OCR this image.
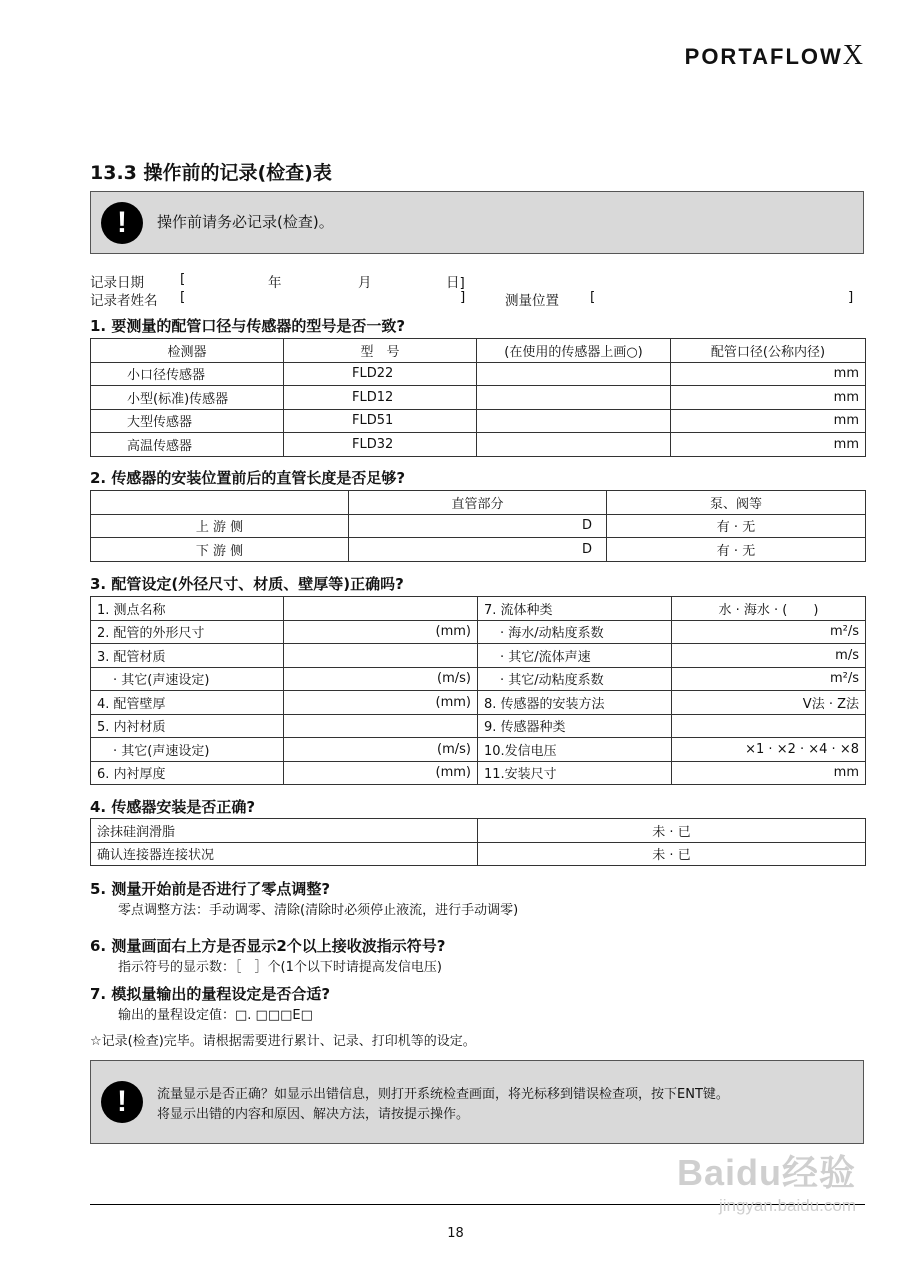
PORTAFLOWX
13.3 操作前的记录(检查)表
!	操作前请务必记录(检查)。
记录日期	[	年	月	日]
记录者姓名 [	]	测量位置 [	]
1. 要测量的配管口径与传感器的型号是否一致?
检测器	型　号	(在使用的传感器上画○)	配管口径(公称内径)
小口径传感器	FLD22		mm
小型(标准)传感器	FLD12		mm
大型传感器	FLD51		mm
高温传感器	FLD32		mm
2. 传感器的安装位置前后的直管长度是否足够?
	直管部分	泵、阀等
上 游 侧	D	有 · 无
下 游 侧	D	有 · 无
3. 配管设定(外径尺寸、材质、壁厚等)正确吗?
1. 测点名称		7. 流体种类	水 · 海水 · (　　)
2. 配管的外形尺寸	(mm)	· 海水/动粘度系数	m²/s
3. 配管材质		· 其它/流体声速	m/s
· 其它(声速设定)	(m/s)	· 其它/动粘度系数	m²/s
4. 配管壁厚	(mm)	8. 传感器的安装方法	V法 · Z法
5. 内衬材质		9. 传感器种类	
· 其它(声速设定)	(m/s)	10.发信电压	×1 · ×2 · ×4 · ×8
6. 内衬厚度	(mm)	11.安装尺寸	mm
4. 传感器安装是否正确?
涂抹硅润滑脂	未 · 已
确认连接器连接状况	未 · 已
5. 测量开始前是否进行了零点调整?
零点调整方法：手动调零、清除(清除时必须停止液流，进行手动调零)
6. 测量画面右上方是否显示2个以上接收波指示符号?
指示符号的显示数：［　］个(1个以下时请提高发信电压)
7. 模拟量输出的量程设定是否合适?
输出的量程设定值：□. □□□E□
☆记录(检查)完毕。请根据需要进行累计、记录、打印机等的设定。
!	流量显示是否正确？如显示出错信息，则打开系统检查画面，将光标移到错误检查项，按下ENT键。
将显示出错的内容和原因、解决方法，请按提示操作。
18
Baidu经验
jingyan.baidu.com
